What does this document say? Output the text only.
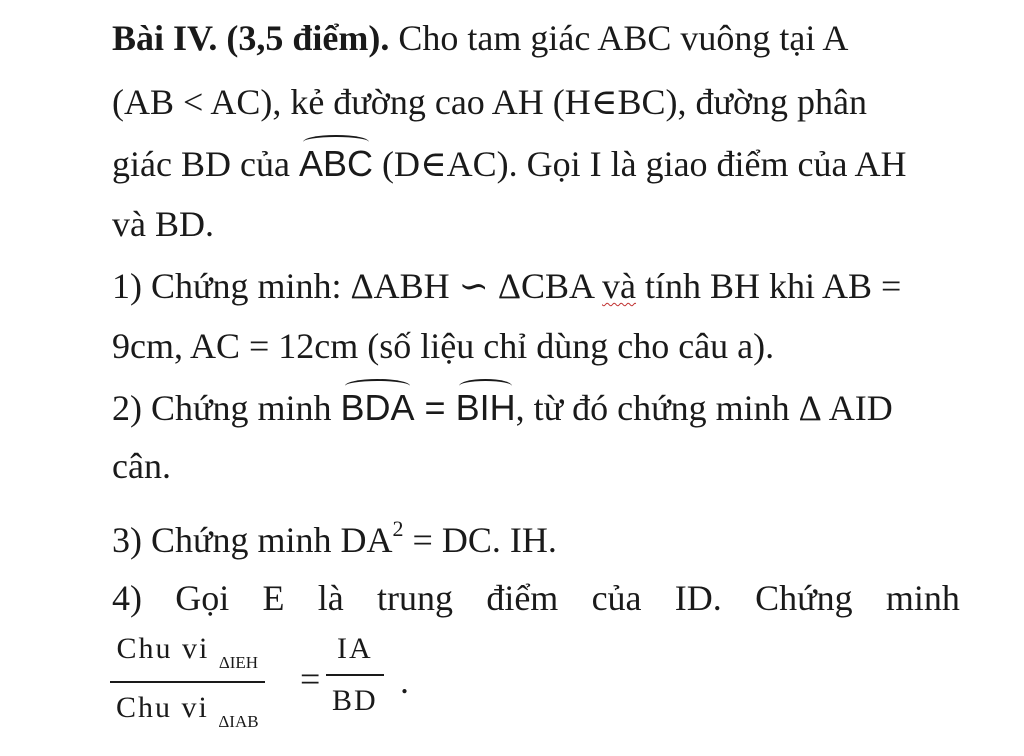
Bài IV. (3,5 điểm). Cho tam giác ABC vuông tại A
(AB < AC), kẻ đường cao AH (H∈BC), đường phân
giác BD của ABC (D∈AC). Gọi I là giao điểm của AH
và BD.
1) Chứng minh: ΔABH ∽ ΔCBA và tính BH khi AB =
9cm, AC = 12cm (số liệu chỉ dùng cho câu a).
2) Chứng minh BDA = BIH, từ đó chứng minh Δ AID
cân.
3) Chứng minh $DA^2$ = DC. IH.
4) Gọi E là trung điểm của ID. Chứng minh
Chu vi $_{\Delta IEH}$
Chu vi $_{\Delta IAB}$
=
IA
BD .
